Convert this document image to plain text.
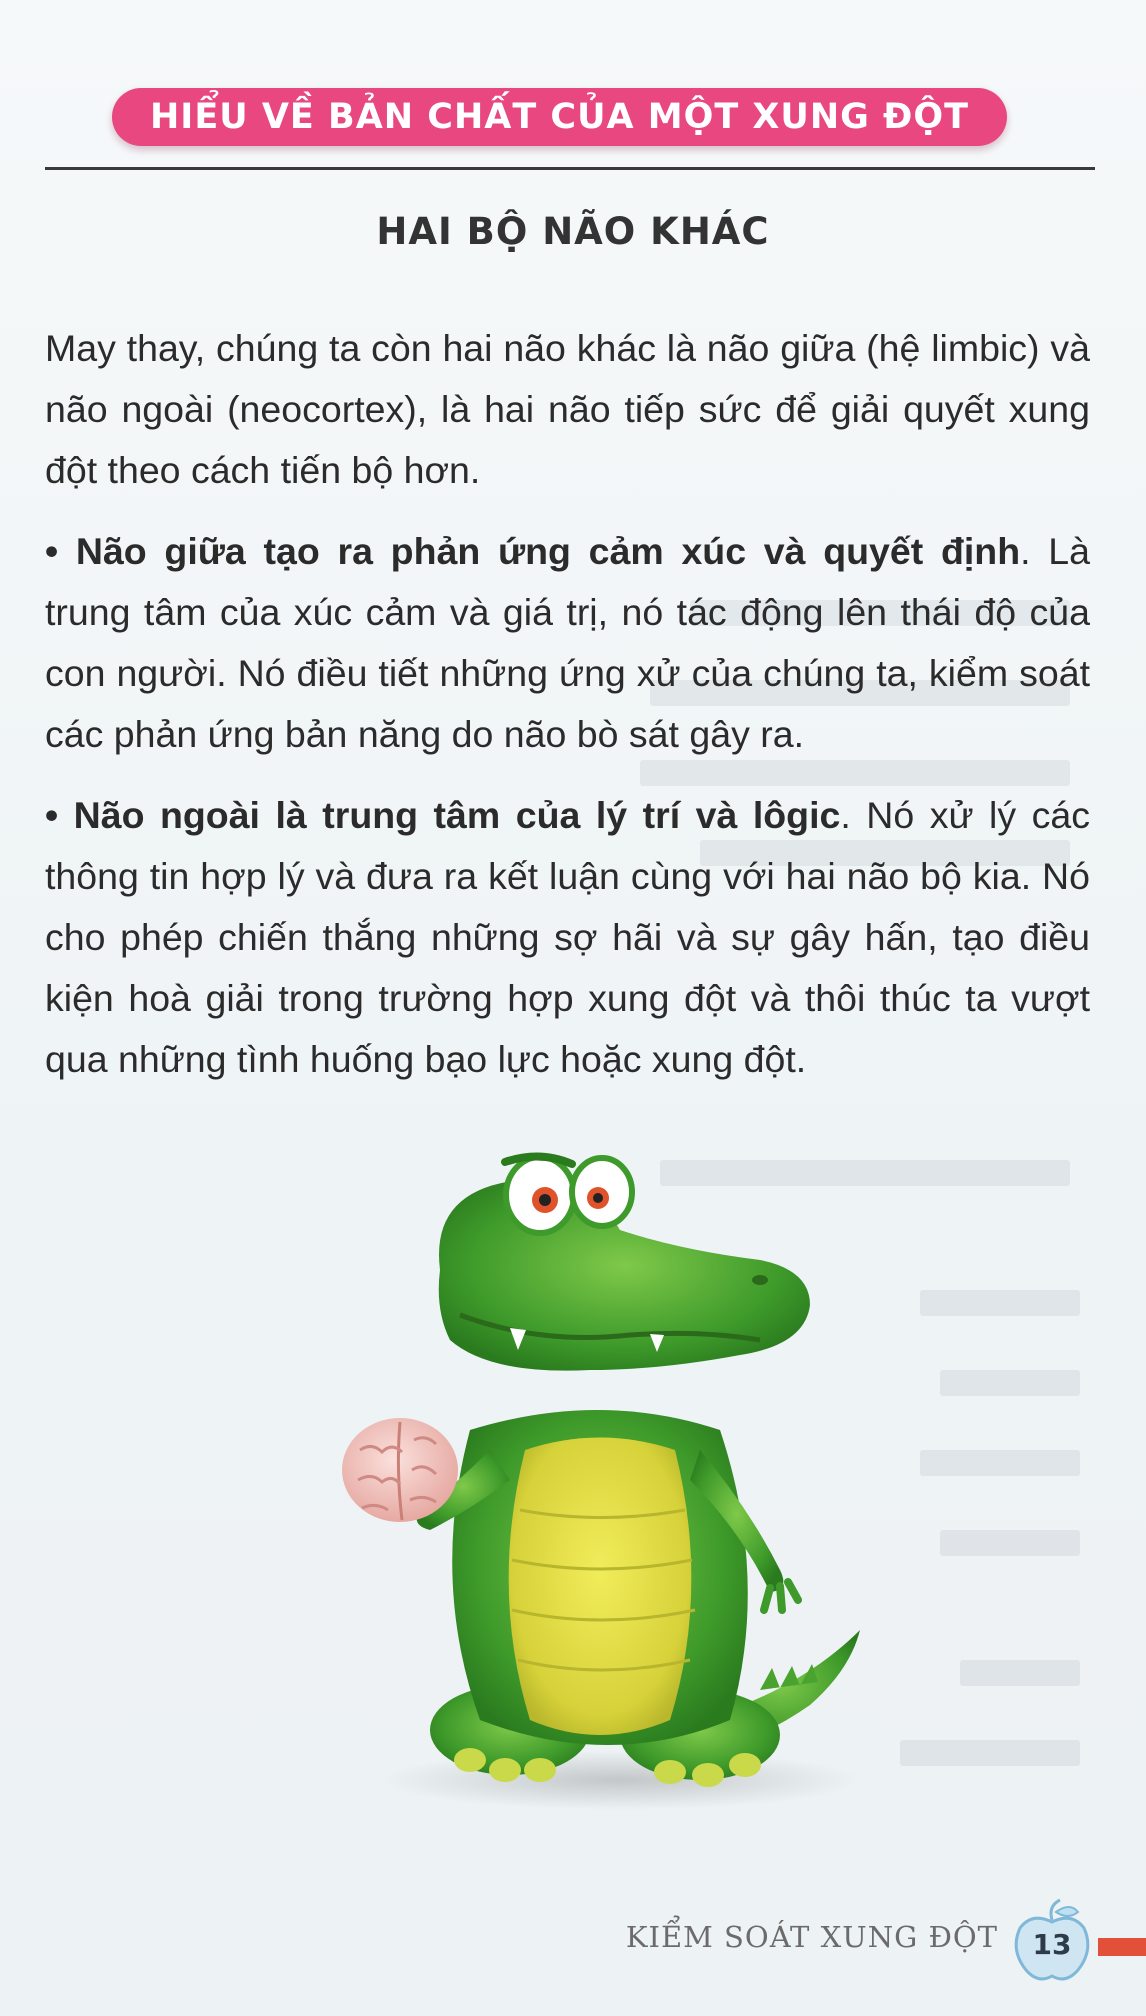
HIỂU VỀ BẢN CHẤT CỦA MỘT XUNG ĐỘT
HAI BỘ NÃO KHÁC

May thay, chúng ta còn hai não khác là não giữa (hệ limbic) và não ngoài (neocortex), là hai não tiếp sức để giải quyết xung đột theo cách tiến bộ hơn.

• Não giữa tạo ra phản ứng cảm xúc và quyết định. Là trung tâm của xúc cảm và giá trị, nó tác động lên thái độ của con người. Nó điều tiết những ứng xử của chúng ta, kiểm soát các phản ứng bản năng do não bò sát gây ra.

• Não ngoài là trung tâm của lý trí và lôgic. Nó xử lý các thông tin hợp lý và đưa ra kết luận cùng với hai não bộ kia. Nó cho phép chiến thắng những sợ hãi và sự gây hấn, tạo điều kiện hoà giải trong trường hợp xung đột và thôi thúc ta vượt qua những tình huống bạo lực hoặc xung đột.

KIỂM SOÁT XUNG ĐỘT	13
